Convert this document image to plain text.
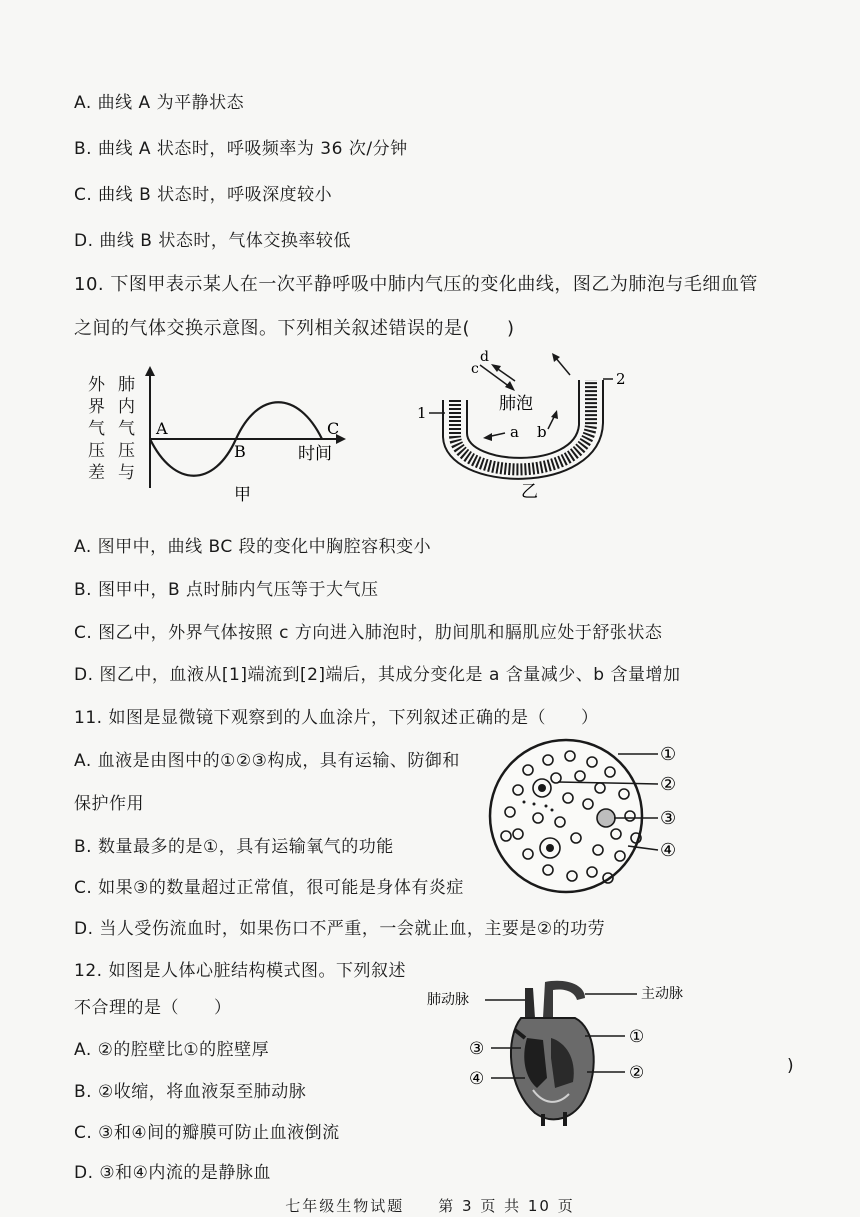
A. 曲线 A 为平静状态
B. 曲线 A 状态时，呼吸频率为 36 次/分钟
C. 曲线 B 状态时，呼吸深度较小
D. 曲线 B 状态时，气体交换率较低
10. 下图甲表示某人在一次平静呼吸中肺内气压的变化曲线，图乙为肺泡与毛细血管
之间的气体交换示意图。下列相关叙述错误的是(　　)
外
界
气
压
差
肺
内
气
压
与
A
B
C
时间
甲
1
2
肺泡
c
d
a b
乙
A. 图甲中，曲线 BC 段的变化中胸腔容积变小
B. 图甲中，B 点时肺内气压等于大气压
C. 图乙中，外界气体按照 c 方向进入肺泡时，肋间肌和膈肌应处于舒张状态
D. 图乙中，血液从[1]端流到[2]端后，其成分变化是 a 含量减少、b 含量增加
11. 如图是显微镜下观察到的人血涂片，下列叙述正确的是（　　）
A. 血液是由图中的①②③构成，具有运输、防御和
保护作用
B. 数量最多的是①，具有运输氧气的功能
C. 如果③的数量超过正常值，很可能是身体有炎症
D. 当人受伤流血时，如果伤口不严重，一会就止血，主要是②的功劳
①
②
③
④
12. 如图是人体心脏结构模式图。下列叙述
不合理的是（　　）
A. ②的腔壁比①的腔壁厚
B. ②收缩，将血液泵至肺动脉
C. ③和④间的瓣膜可防止血液倒流
D. ③和④内流的是静脉血
肺动脉	主动脉
①
②
③
④
)
七年级生物试题　　第 3 页 共 10 页
